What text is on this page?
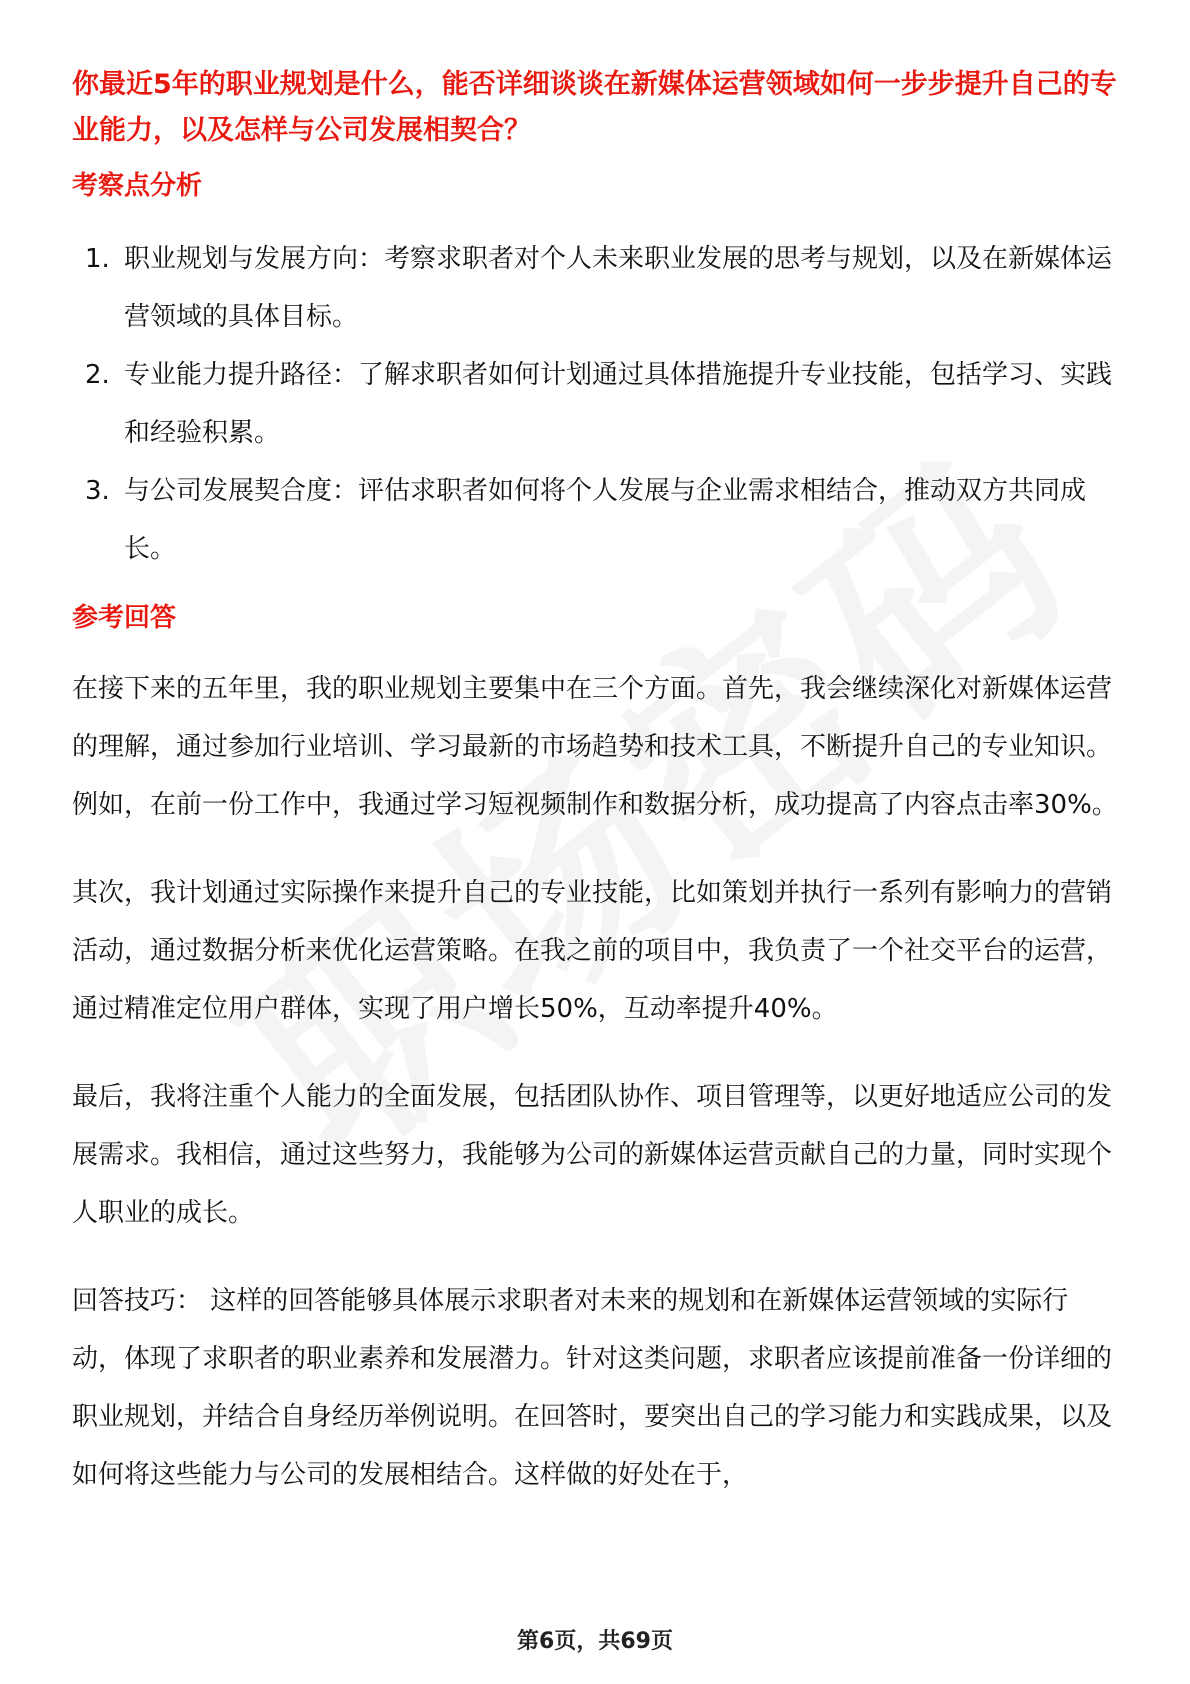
你最近5年的职业规划是什么，能否详细谈谈在新媒体运营领域如何一步步提升自己的专业能力，以及怎样与公司发展相契合？

考察点分析
1. 职业规划与发展方向：考察求职者对个人未来职业发展的思考与规划，以及在新媒体运营领域的具体目标。
2. 专业能力提升路径：了解求职者如何计划通过具体措施提升专业技能，包括学习、实践和经验积累。
3. 与公司发展契合度：评估求职者如何将个人发展与企业需求相结合，推动双方共同成长。
参考回答

在接下来的五年里，我的职业规划主要集中在三个方面。首先，我会继续深化对新媒体运营的理解，通过参加行业培训、学习最新的市场趋势和技术工具，不断提升自己的专业知识。例如，在前一份工作中，我通过学习短视频制作和数据分析，成功提高了内容点击率30%。

其次，我计划通过实际操作来提升自己的专业技能，比如策划并执行一系列有影响力的营销活动，通过数据分析来优化运营策略。在我之前的项目中，我负责了一个社交平台的运营，通过精准定位用户群体，实现了用户增长50%，互动率提升40%。

最后，我将注重个人能力的全面发展，包括团队协作、项目管理等，以更好地适应公司的发展需求。我相信，通过这些努力，我能够为公司的新媒体运营贡献自己的力量，同时实现个人职业的成长。

回答技巧： 这样的回答能够具体展示求职者对未来的规划和在新媒体运营领域的实际行动，体现了求职者的职业素养和发展潜力。针对这类问题，求职者应该提前准备一份详细的职业规划，并结合自身经历举例说明。在回答时，要突出自己的学习能力和实践成果，以及如何将这些能力与公司的发展相结合。这样做的好处在于，

第6页，共69页
